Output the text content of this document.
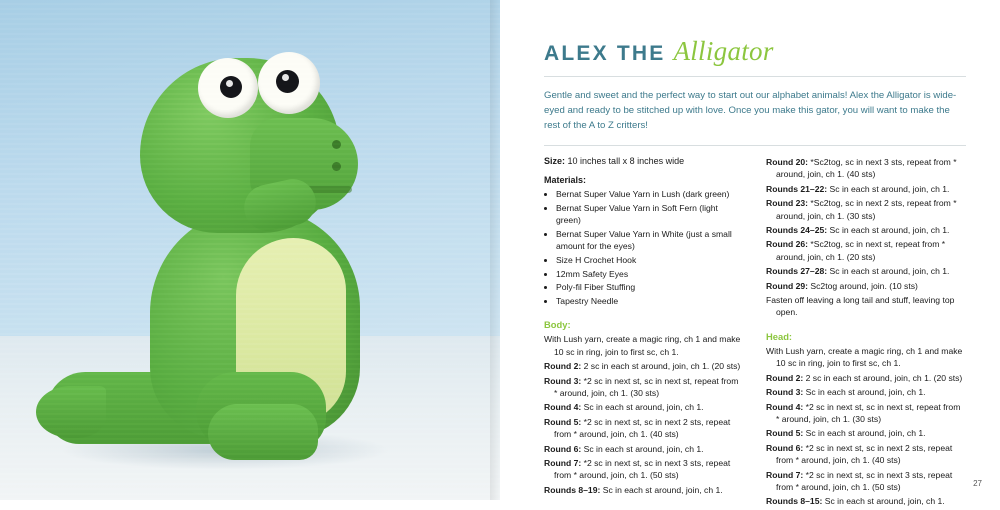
ALEX THE Alligator
Gentle and sweet and the perfect way to start out our alphabet animals! Alex the Alligator is wide-eyed and ready to be stitched up with love. Once you make this gator, you will want to make the rest of the A to Z critters!
Size: 10 inches tall x 8 inches wide
Materials:
• Bernat Super Value Yarn in Lush (dark green)
• Bernat Super Value Yarn in Soft Fern (light green)
• Bernat Super Value Yarn in White (just a small amount for the eyes)
• Size H Crochet Hook
• 12mm Safety Eyes
• Poly-fil Fiber Stuffing
• Tapestry Needle
Body:

With Lush yarn, create a magic ring, ch 1 and make 10 sc in ring, join to first sc, ch 1.

Round 2: 2 sc in each st around, join, ch 1. (20 sts)

Round 3: *2 sc in next st, sc in next st, repeat from * around, join, ch 1. (30 sts)

Round 4: Sc in each st around, join, ch 1.

Round 5: *2 sc in next st, sc in next 2 sts, repeat from * around, join, ch 1. (40 sts)

Round 6: Sc in each st around, join, ch 1.

Round 7: *2 sc in next st, sc in next 3 sts, repeat from * around, join, ch 1. (50 sts)

Rounds 8–19: Sc in each st around, join, ch 1.

Round 20: *Sc2tog, sc in next 3 sts, repeat from * around, join, ch 1. (40 sts)

Rounds 21–22: Sc in each st around, join, ch 1.

Round 23: *Sc2tog, sc in next 2 sts, repeat from * around, join, ch 1. (30 sts)

Rounds 24–25: Sc in each st around, join, ch 1.

Round 26: *Sc2tog, sc in next st, repeat from * around, join, ch 1. (20 sts)

Rounds 27–28: Sc in each st around, join, ch 1.

Round 29: Sc2tog around, join. (10 sts)

Fasten off leaving a long tail and stuff, leaving top open.

Head:

With Lush yarn, create a magic ring, ch 1 and make 10 sc in ring, join to first sc, ch 1.

Round 2: 2 sc in each st around, join, ch 1. (20 sts)

Round 3: Sc in each st around, join, ch 1.

Round 4: *2 sc in next st, sc in next st, repeat from * around, join, ch 1. (30 sts)

Round 5: Sc in each st around, join, ch 1.

Round 6: *2 sc in next st, sc in next 2 sts, repeat from * around, join, ch 1. (40 sts)

Round 7: *2 sc in next st, sc in next 3 sts, repeat from * around, join, ch 1. (50 sts)

Rounds 8–15: Sc in each st around, join, ch 1.

27
